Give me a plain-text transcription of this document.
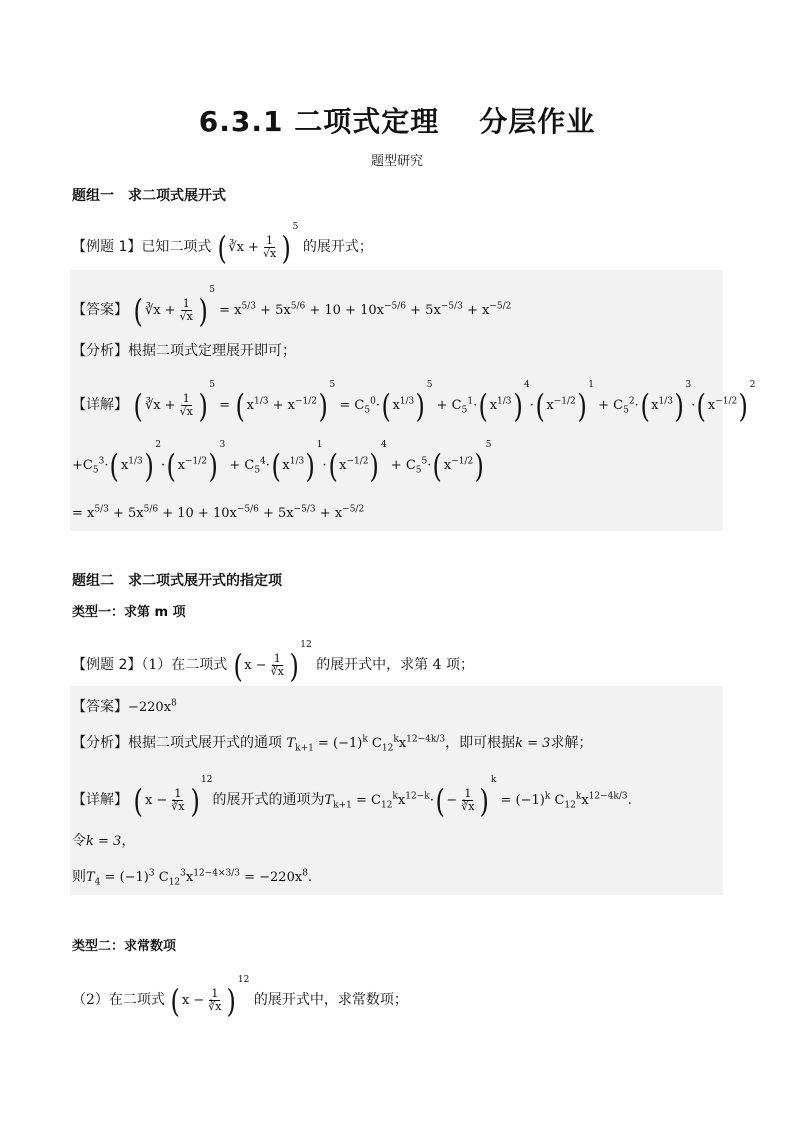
6.3.1 二项式定理 分层作业
题型研究
题组一　求二项式展开式
【例题 1】已知二项式 ( ∛x + $\frac{1}{√x} )^5$ 的展开式；
【答案】 ( ∛x + $\frac{1}{√x} )^5 = x^{5/3} + 5x^{5/6} + 10 + 10x^{-5/6} + 5x^{-5/3} + x^{-5/2}$
【分析】根据二项式定理展开即可；
【详解】 ( ∛x + $\frac{1}{√x} )^5$ = ( $x^{1/3} + x^{-1/2})^5 = C_5^0\cdot$( $x^{1/3})^5 + C_5^1\cdot$( $x^{1/3})^4\cdot$( $x^{-1/2})^1 + C_5^2\cdot$( $x^{1/3})^3\cdot$( $x^{-1/2})^2$
$+C_5^3\cdot$( $x^{1/3})^2\cdot$( $x^{-1/2})^3 + C_5^4\cdot$( $x^{1/3})^1\cdot$( $x^{-1/2})^4 + C_5^5\cdot$( $x^{-1/2})^5$
= $x^{5/3} + 5x^{5/6} + 10 + 10x^{-5/6} + 5x^{-5/3} + x^{-5/2}$
题组二　求二项式展开式的指定项
类型一：求第 m 项
【例题 2】（1）在二项式 ( $x - \frac{1}{∛x} )^{12}$ 的展开式中，求第 4 项；
【答案】$-220x^8$
【分析】根据二项式展开式的通项 $T_{k+1} = (-1)^k$ $C_{12}^kx^{12-4k/3}$，即可根据k = 3求解；
【详解】 ( $x - \frac{1}{∛x} )^{12}$的展开式的通项为$T_{k+1} = C_{12}^kx^{12-k}\cdot( - \frac{1}{∛x} )^k = (-1)^k$ $C_{12}^kx^{12-4k/3}$.
令k = 3，
则$T_4 = (-1)^3$ $C_{12}^3x^{12-4\times 3/3} = -220x^8$.
类型二：求常数项
（2）在二项式 ( $x - \frac{1}{∛x} )^{12}$ 的展开式中，求常数项；
